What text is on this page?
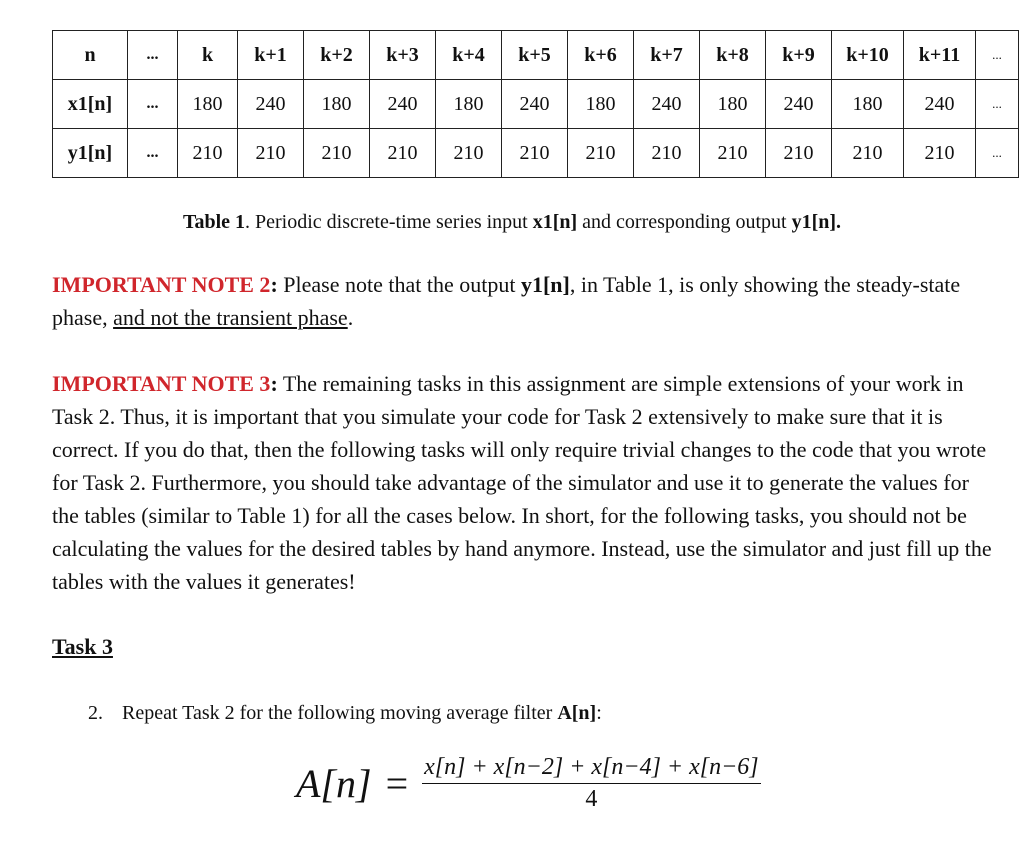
n	...	k	k+1	k+2	k+3	k+4	k+5	k+6	k+7	k+8	k+9	k+10	k+11	...
x1[n]	...	180	240	180	240	180	240	180	240	180	240	180	240	...
y1[n]	...	210	210	210	210	210	210	210	210	210	210	210	210	...
Table 1. Periodic discrete-time series input x1[n] and corresponding output y1[n].

IMPORTANT NOTE 2: Please note that the output y1[n], in Table 1, is only showing the steady-state phase, and not the transient phase.

IMPORTANT NOTE 3: The remaining tasks in this assignment are simple extensions of your work in Task 2. Thus, it is important that you simulate your code for Task 2 extensively to make sure that it is correct. If you do that, then the following tasks will only require trivial changes to the code that you wrote for Task 2. Furthermore, you should take advantage of the simulator and use it to generate the values for the tables (similar to Table 1) for all the cases below. In short, for the following tasks, you should not be calculating the values for the desired tables by hand anymore. Instead, use the simulator and just fill up the tables with the values it generates!

Task 3
2. Repeat Task 2 for the following moving average filter A[n]:
$A[n] = \frac{x[n] + x[n-2] + x[n-4] + x[n-6]}{4}$
